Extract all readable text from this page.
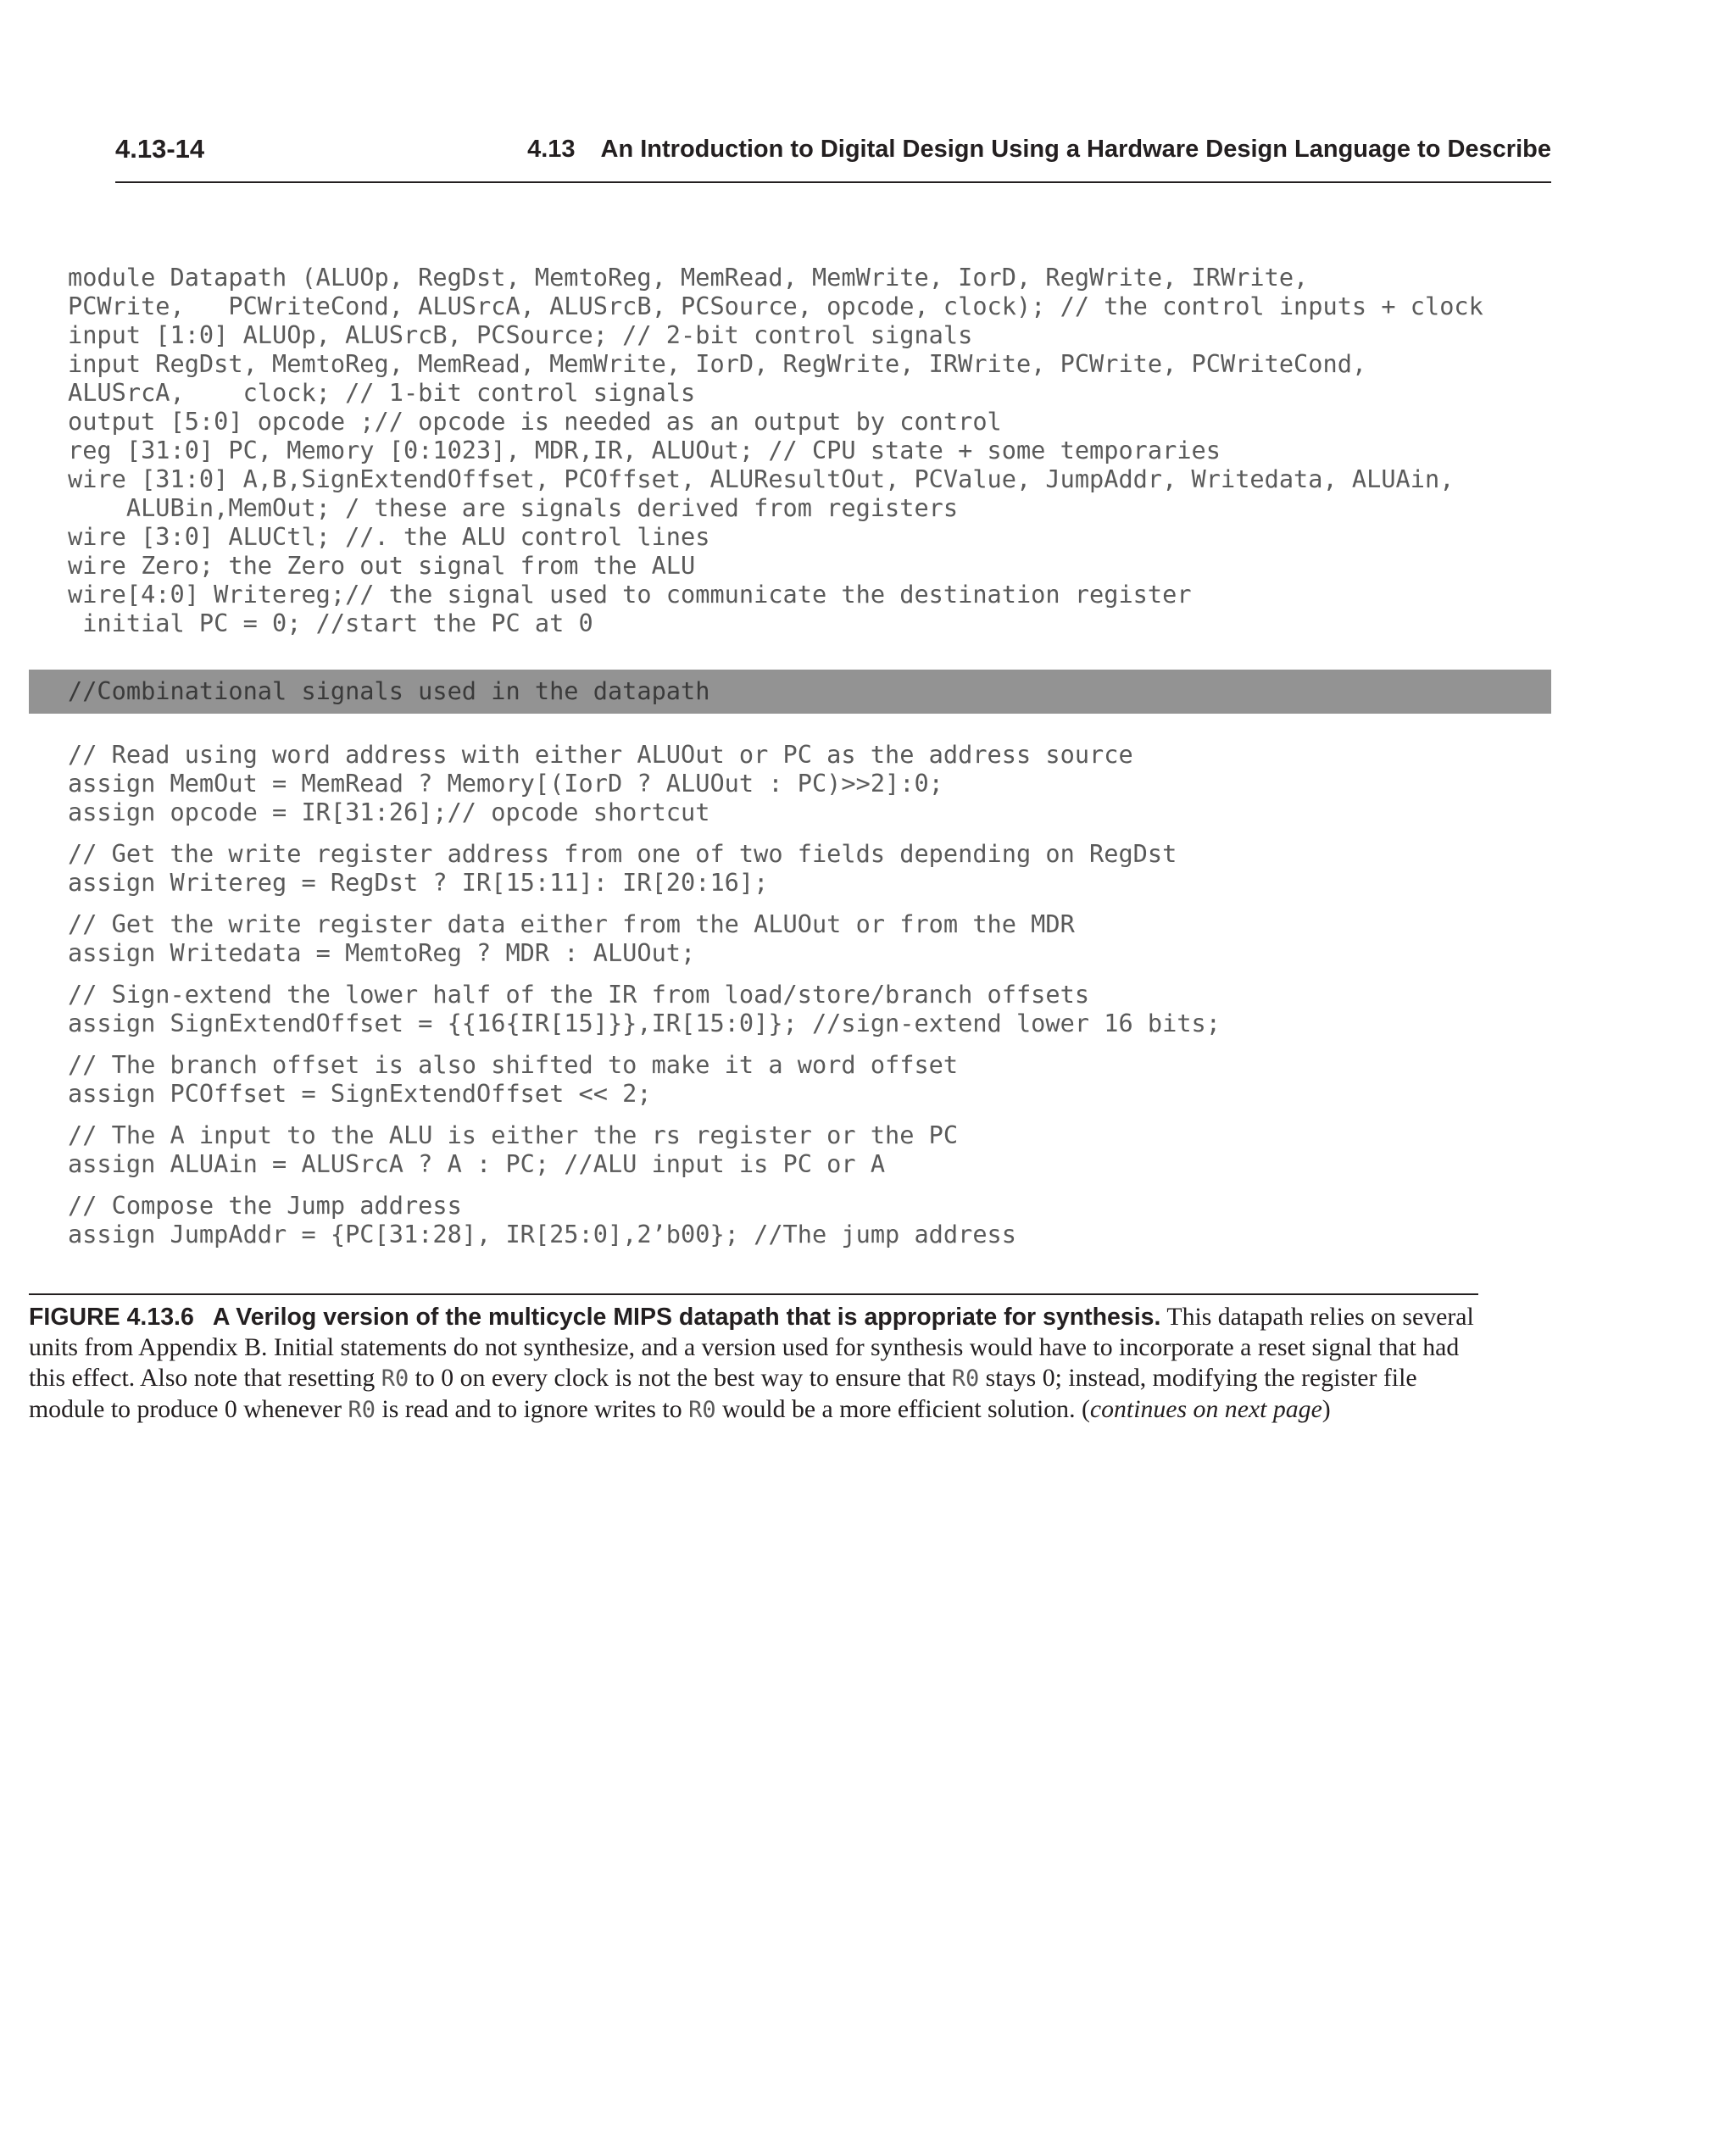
4.13-14	4.13 An Introduction to Digital Design Using a Hardware Design Language to Describe
module Datapath (ALUOp, RegDst, MemtoReg, MemRead, MemWrite, IorD, RegWrite, IRWrite,
PCWrite,   PCWriteCond, ALUSrcA, ALUSrcB, PCSource, opcode, clock); // the control inputs + clock
input [1:0] ALUOp, ALUSrcB, PCSource; // 2-bit control signals
input RegDst, MemtoReg, MemRead, MemWrite, IorD, RegWrite, IRWrite, PCWrite, PCWriteCond,
ALUSrcA,    clock; // 1-bit control signals
output [5:0] opcode ;// opcode is needed as an output by control
reg [31:0] PC, Memory [0:1023], MDR,IR, ALUOut; // CPU state + some temporaries
wire [31:0] A,B,SignExtendOffset, PCOffset, ALUResultOut, PCValue, JumpAddr, Writedata, ALUAin,
ALUBin,MemOut; / these are signals derived from registers
wire [3:0] ALUCtl; //. the ALU control lines
wire Zero; the Zero out signal from the ALU
wire[4:0] Writereg;// the signal used to communicate the destination register
initial PC = 0; //start the PC at 0
//Combinational signals used in the datapath
// Read using word address with either ALUOut or PC as the address source
assign MemOut = MemRead ? Memory[(IorD ? ALUOut : PC)>>2]:0;
assign opcode = IR[31:26];// opcode shortcut
// Get the write register address from one of two fields depending on RegDst
assign Writereg = RegDst ? IR[15:11]: IR[20:16];
// Get the write register data either from the ALUOut or from the MDR
assign Writedata = MemtoReg ? MDR : ALUOut;
// Sign-extend the lower half of the IR from load/store/branch offsets
assign SignExtendOffset = {{16{IR[15]}},IR[15:0]}; //sign-extend lower 16 bits;
// The branch offset is also shifted to make it a word offset
assign PCOffset = SignExtendOffset << 2;
// The A input to the ALU is either the rs register or the PC
assign ALUAin = ALUSrcA ? A : PC; //ALU input is PC or A
// Compose the Jump address
assign JumpAddr = {PC[31:28], IR[25:0],2’b00}; //The jump address

FIGURE 4.13.6 A Verilog version of the multicycle MIPS datapath that is appropriate for synthesis. This datapath relies on several units from Appendix B. Initial statements do not synthesize, and a version used for synthesis would have to incorporate a reset signal that had this effect. Also note that resetting R0 to 0 on every clock is not the best way to ensure that R0 stays 0; instead, modifying the register file module to produce 0 whenever R0 is read and to ignore writes to R0 would be a more efficient solution. (continues on next page)
